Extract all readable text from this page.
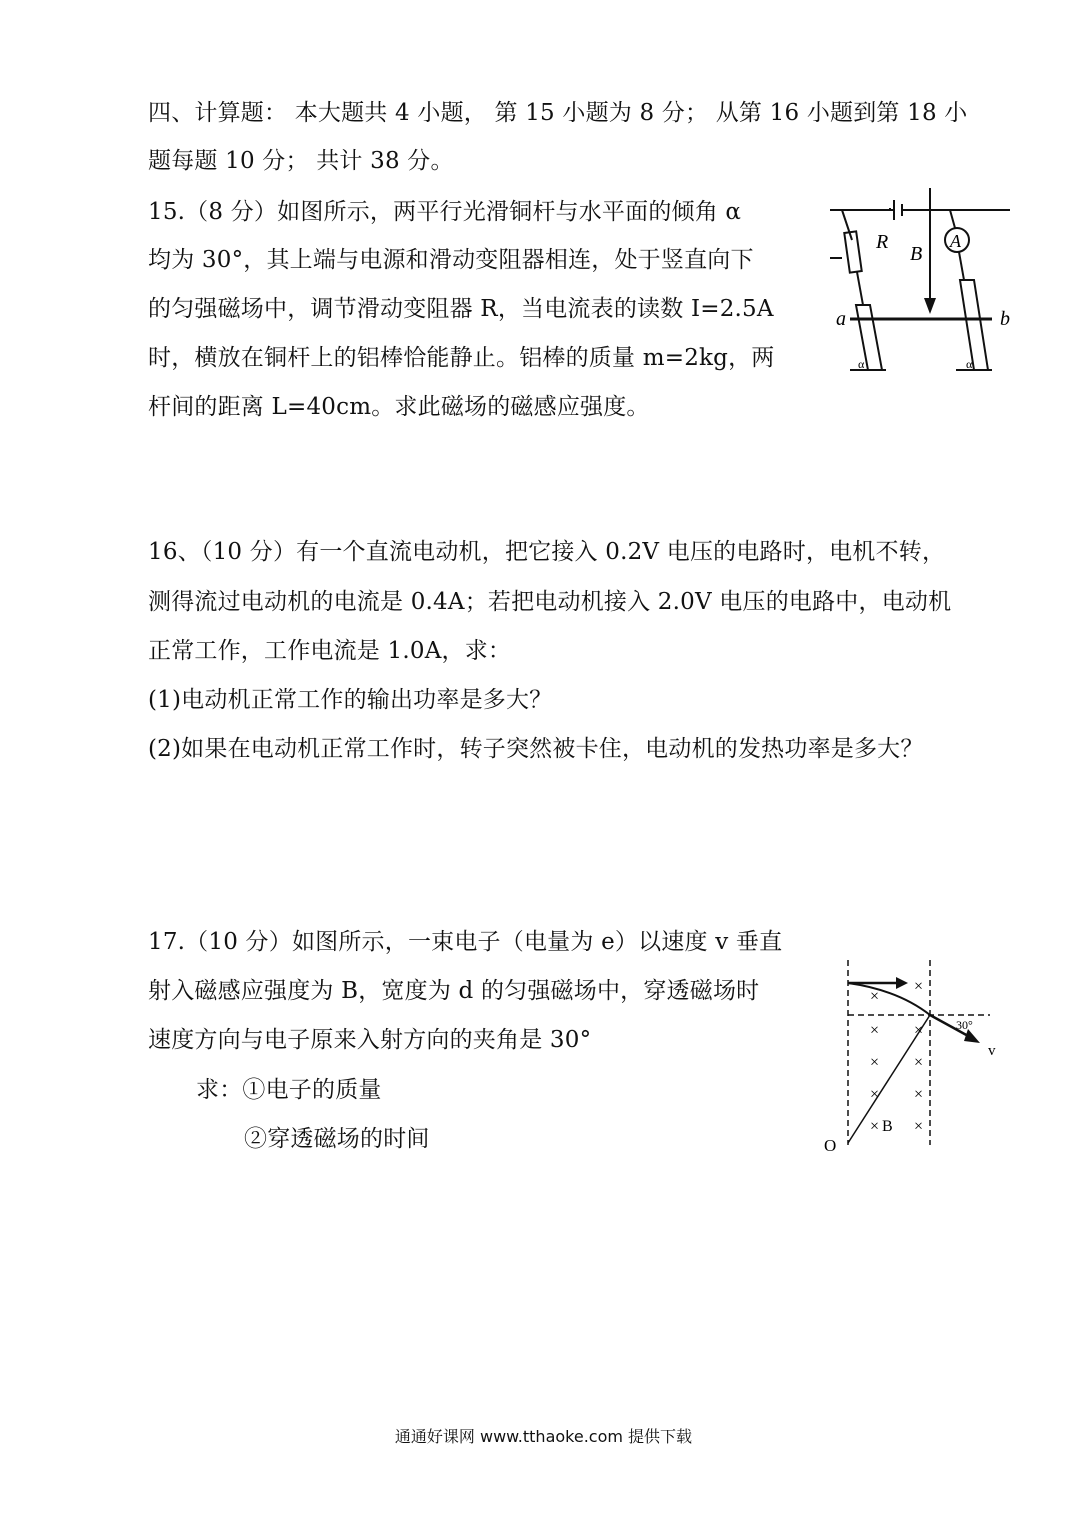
四、计算题： 本大题共 4 小题， 第 15 小题为 8 分； 从第 16 小题到第 18 小
题每题 10 分； 共计 38 分。
15.（8 分）如图所示，两平行光滑铜杆与水平面的倾角 α
均为 30°，其上端与电源和滑动变阻器相连，处于竖直向下
的匀强磁场中，调节滑动变阻器 R，当电流表的读数 I=2.5A
时，横放在铜杆上的铝棒恰能静止。铝棒的质量 m=2kg，两
杆间的距离 L=40cm。求此磁场的磁感应强度。
R
B
A
a	b
α	α
16、（10 分）有一个直流电动机，把它接入 0.2V 电压的电路时，电机不转，
测得流过电动机的电流是 0.4A；若把电动机接入 2.0V 电压的电路中，电动机
正常工作，工作电流是 1.0A，求：
(1)电动机正常工作的输出功率是多大？
(2)如果在电动机正常工作时，转子突然被卡住，电动机的发热功率是多大？
17.（10 分）如图所示，一束电子（电量为 e）以速度 v 垂直
射入磁感应强度为 B，宽度为 d 的匀强磁场中，穿透磁场时
速度方向与电子原来入射方向的夹角是 30°
求：①电子的质量
②穿透磁场的时间
×
×
× ×
× ×
× ×
× ×
B
O
v
30°
通通好课网 www.tthaoke.com 提供下载
